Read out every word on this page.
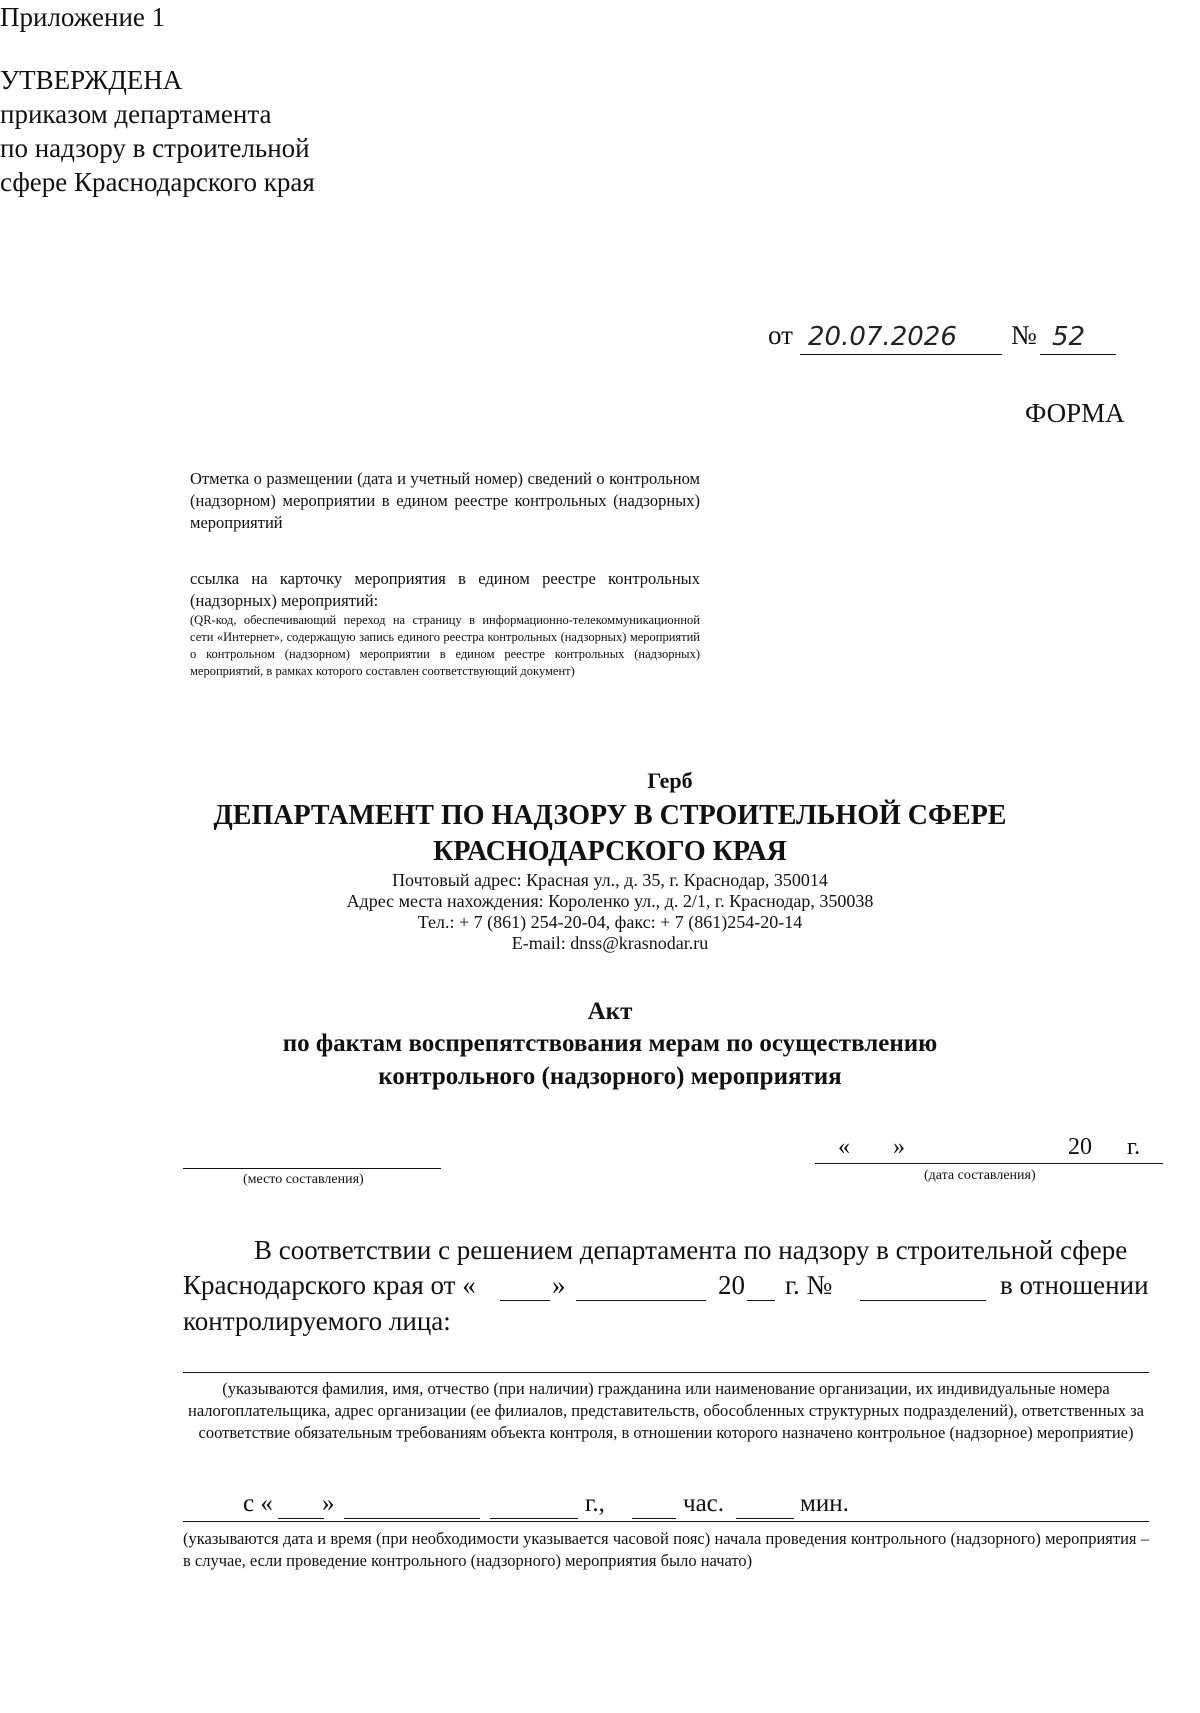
Приложение 1
УТВЕРЖДЕНА
приказом департамента
по надзору в строительной
сфере Краснодарского края
от 20.07.2026 № 52
ФОРМА
Отметка о размещении (дата и учетный номер) сведений о контрольном (надзорном) мероприятии в едином реестре контрольных (надзорных) мероприятий
ссылка на карточку мероприятия в едином реестре контрольных (надзорных) мероприятий:
(QR-код, обеспечивающий переход на страницу в информационно-телекоммуникационной сети «Интернет», содержащую запись единого реестра контрольных (надзорных) мероприятий о контрольном (надзорном) мероприятии в едином реестре контрольных (надзорных) мероприятий, в рамках которого составлен соответствующий документ)
Герб
ДЕПАРТАМЕНТ ПО НАДЗОРУ В СТРОИТЕЛЬНОЙ СФЕРЕ
КРАСНОДАРСКОГО КРАЯ
Почтовый адрес: Красная ул., д. 35, г. Краснодар, 350014
Адрес места нахождения: Короленко ул., д. 2/1, г. Краснодар, 350038
Тел.: + 7 (861) 254-20-04, факс: + 7 (861)254-20-14
E-mail: dnss@krasnodar.ru
Акт
по фактам воспрепятствования мерам по осуществлению
контрольного (надзорного) мероприятия
(место составления)
« »	20 г.
(дата составления)
В соответствии с решением департамента по надзору в строительной сфере
Краснодарского края от «	»	20 г. №	в отношении
контролируемого лица:
(указываются фамилия, имя, отчество (при наличии) гражданина или наименование организации, их индивидуальные номера налогоплательщика, адрес организации (ее филиалов, представительств, обособленных структурных подразделений), ответственных за соответствие обязательным требованиям объекта контроля, в отношении которого назначено контрольное (надзорное) мероприятие)
с « »	г.,	час.	мин.
(указываются дата и время (при необходимости указывается часовой пояс) начала проведения контрольного (надзорного) мероприятия – в случае, если проведение контрольного (надзорного) мероприятия было начато)
